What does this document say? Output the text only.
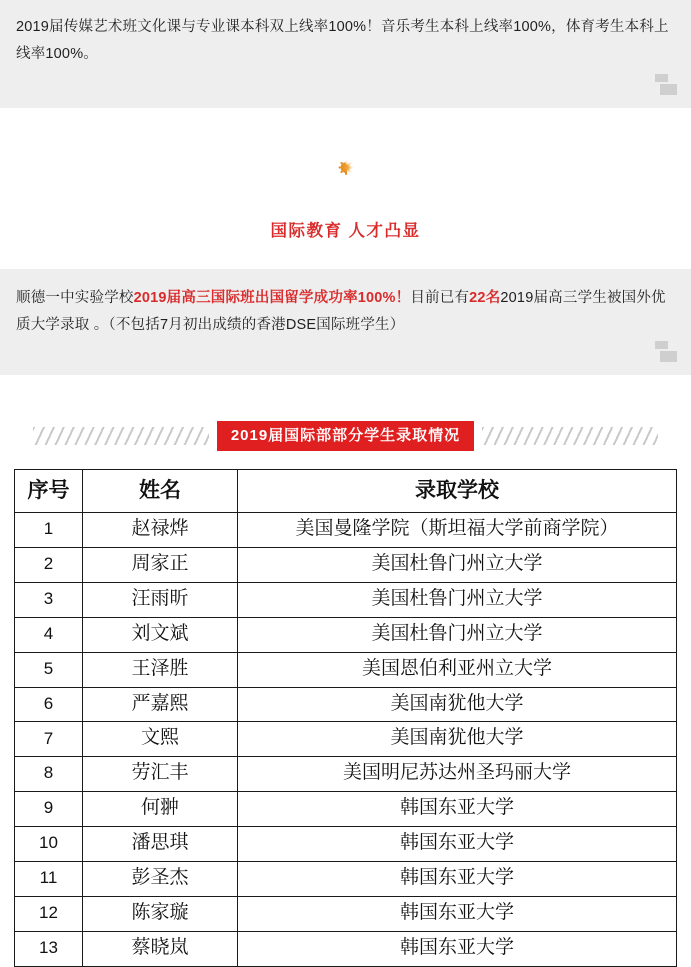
2019届传媒艺术班文化课与专业课本科双上线率100%！音乐考生本科上线率100%，体育考生本科上线率100%。
国际教育 人才凸显
顺德一中实验学校2019届高三国际班出国留学成功率100%！目前已有22名2019届高三学生被国外优质大学录取 。（不包括7月初出成绩的香港DSE国际班学生）
2019届国际部部分学生录取情况
序号	姓名	录取学校
1	赵禄烨	美国曼隆学院（斯坦福大学前商学院）
2	周家正	美国杜鲁门州立大学
3	汪雨昕	美国杜鲁门州立大学
4	刘文斌	美国杜鲁门州立大学
5	王泽胜	美国恩伯利亚州立大学
6	严嘉熙	美国南犹他大学
7	文熙	美国南犹他大学
8	劳汇丰	美国明尼苏达州圣玛丽大学
9	何翀	韩国东亚大学
10	潘思琪	韩国东亚大学
11	彭圣杰	韩国东亚大学
12	陈家璇	韩国东亚大学
13	蔡晓岚	韩国东亚大学
